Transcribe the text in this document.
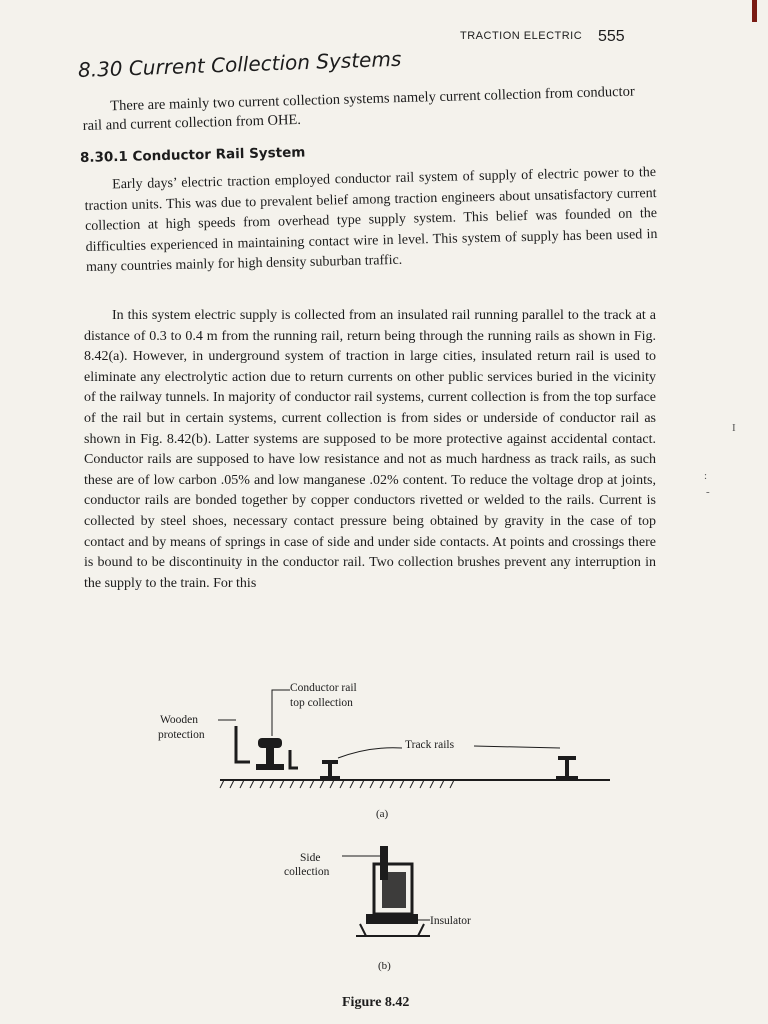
TRACTION ELECTRIC 555
8.30 Current Collection Systems
There are mainly two current collection systems namely current collection from conductor rail and current collection from OHE.
8.30.1 Conductor Rail System
Early days’ electric traction employed conductor rail system of supply of electric power to the traction units. This was due to prevalent belief among traction engineers about unsatisfactory current collection at high speeds from overhead type supply system. This belief was founded on the difficulties experienced in maintaining contact wire in level. This system of supply has been used in many countries mainly for high density suburban traffic.
In this system electric supply is collected from an insulated rail running parallel to the track at a distance of 0.3 to 0.4 m from the running rail, return being through the running rails as shown in Fig. 8.42(a). However, in underground system of traction in large cities, insulated return rail is used to eliminate any electrolytic action due to return currents on other public services buried in the vicinity of the railway tunnels. In majority of conductor rail systems, current collection is from the top surface of the rail but in certain systems, current collection is from sides or underside of conductor rail as shown in Fig. 8.42(b). Latter systems are supposed to be more protective against accidental contact. Conductor rails are supposed to have low resistance and not as much hardness as track rails, as such these are of low carbon .05% and low manganese .02% content. To reduce the voltage drop at joints, conductor rails are bonded together by copper conductors rivetted or welded to the rails. Current is collected by steel shoes, necessary contact pressure being obtained by gravity in the case of top contact and by means of springs in case of side and under side contacts. At points and crossings there is bound to be discontinuity in the conductor rail. Two collection brushes prevent any interruption in the supply to the train. For this
Conductor rail
top collection
Wooden
protection
Track rails
(a)
Side
collection
Insulator
(b)
Figure 8.42
I
:
-
